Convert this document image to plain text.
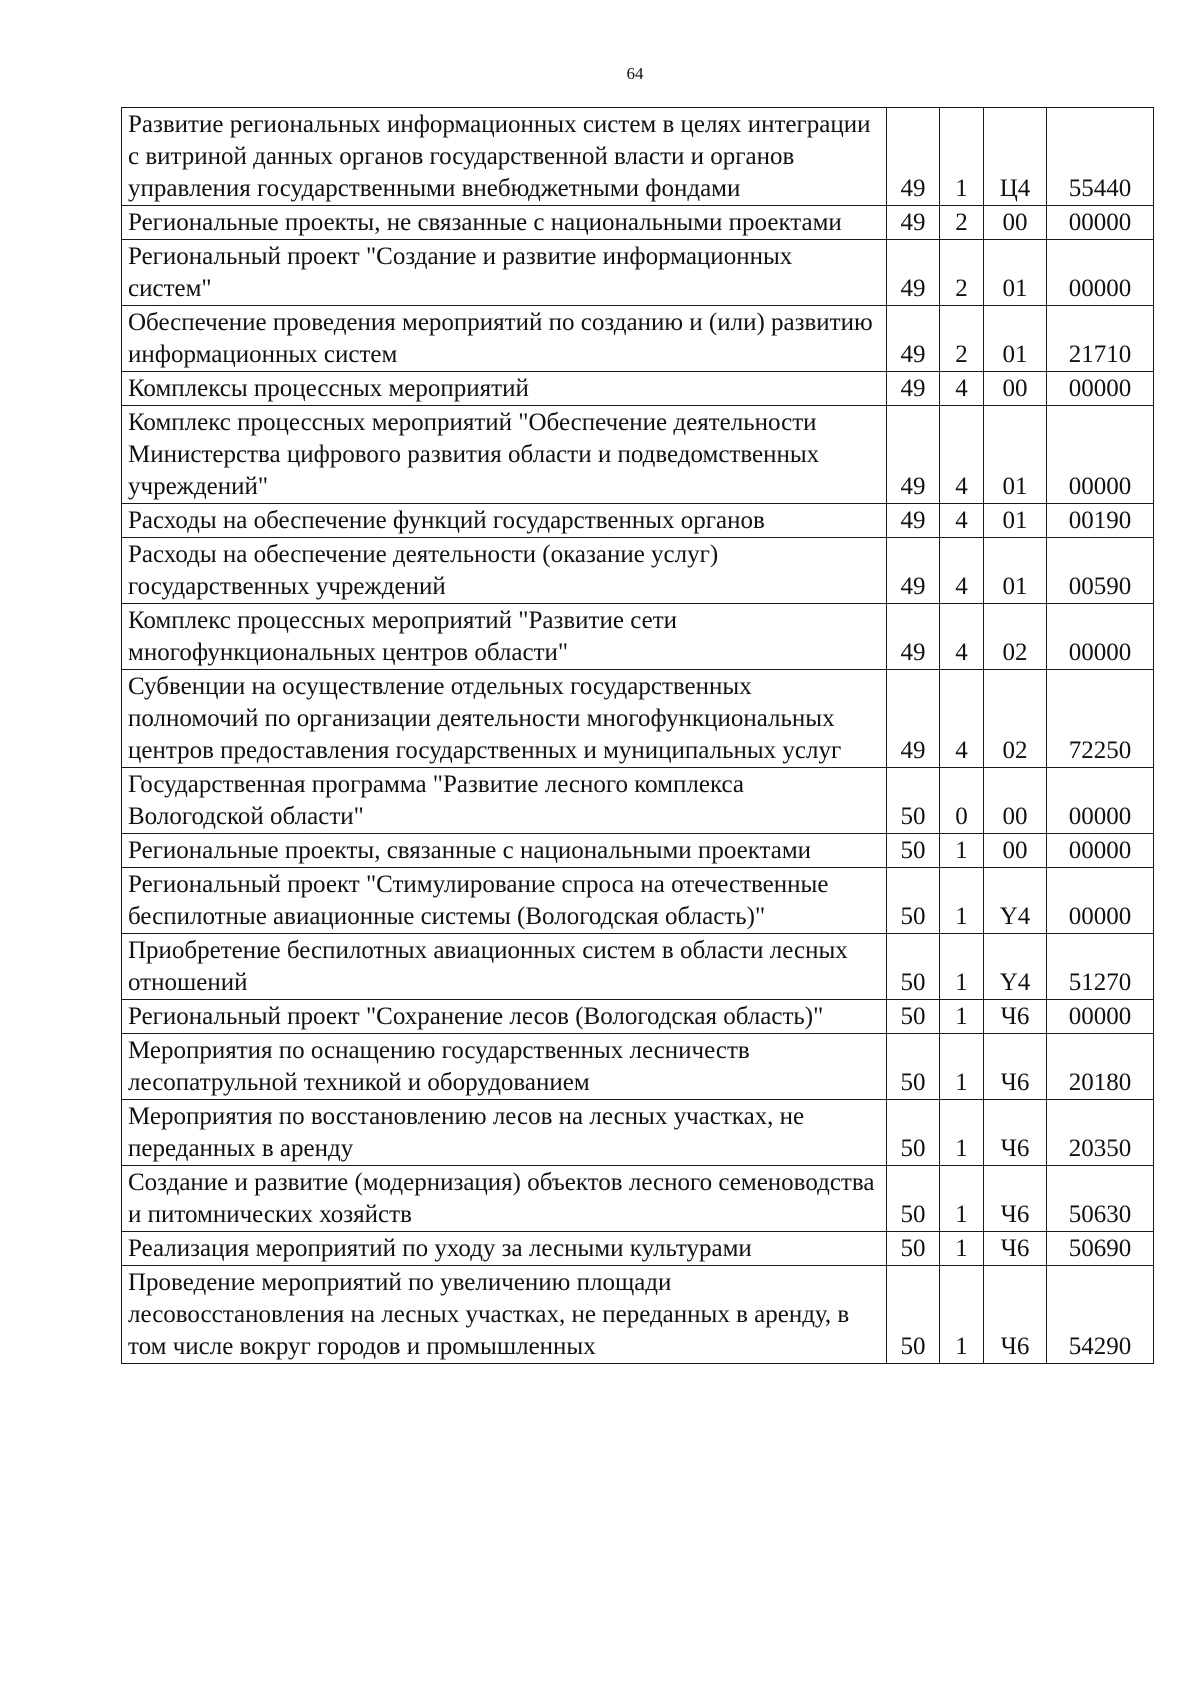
64
Развитие региональных информационных систем в целях интеграции с витриной данных органов государственной власти и органов управления государственными внебюджетными фондами	49	1	Ц4	55440
Региональные проекты, не связанные с национальными проектами	49	2	00	00000
Региональный проект "Создание и развитие информационных систем"	49	2	01	00000
Обеспечение проведения мероприятий по созданию и (или) развитию информационных систем	49	2	01	21710
Комплексы процессных мероприятий	49	4	00	00000
Комплекс процессных мероприятий "Обеспечение деятельности Министерства цифрового развития области и подведомственных учреждений"	49	4	01	00000
Расходы на обеспечение функций государственных органов	49	4	01	00190
Расходы на обеспечение деятельности (оказание услуг) государственных учреждений	49	4	01	00590
Комплекс процессных мероприятий "Развитие сети многофункциональных центров области"	49	4	02	00000
Субвенции на осуществление отдельных государственных полномочий по организации деятельности многофункциональных центров предоставления государственных и муниципальных услуг	49	4	02	72250
Государственная программа "Развитие лесного комплекса Вологодской области"	50	0	00	00000
Региональные проекты, связанные с национальными проектами	50	1	00	00000
Региональный проект "Стимулирование спроса на отечественные беспилотные авиационные системы (Вологодская область)"	50	1	Y4	00000
Приобретение беспилотных авиационных систем в области лесных отношений	50	1	Y4	51270
Региональный проект "Сохранение лесов (Вологодская область)"	50	1	Ч6	00000
Мероприятия по оснащению государственных лесничеств лесопатрульной техникой и оборудованием	50	1	Ч6	20180
Мероприятия по восстановлению лесов на лесных участках, не переданных в аренду	50	1	Ч6	20350
Создание и развитие (модернизация) объектов лесного семеноводства и питомнических хозяйств	50	1	Ч6	50630
Реализация мероприятий по уходу за лесными культурами	50	1	Ч6	50690
Проведение мероприятий по увеличению площади лесовосстановления на лесных участках, не переданных в аренду, в том числе вокруг городов и промышленных	50	1	Ч6	54290
